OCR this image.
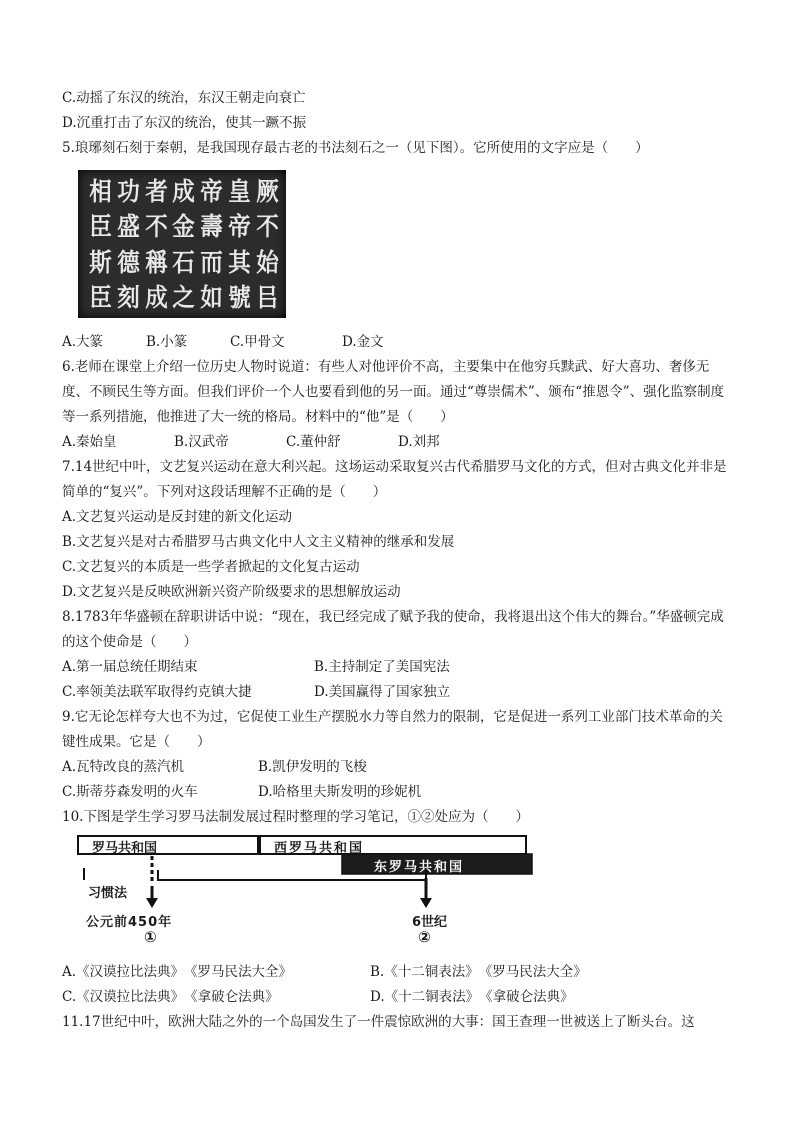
C.动摇了东汉的统治，东汉王朝走向衰亡
D.沉重打击了东汉的统治，使其一蹶不振
5.琅琊刻石刻于秦朝，是我国现存最古老的书法刻石之一（见下图）。它所使用的文字应是（　　）
厥
不
始
㠯
皇
帝
其
號
帝
壽
而
如
成
金
石
之
者
不
稱
成
功
盛
德
刻
相
臣
斯
臣
A.大篆	B.小篆	C.甲骨文	D.金文
6.老师在课堂上介绍一位历史人物时说道：有些人对他评价不高，主要集中在他穷兵黩武、好大喜功、奢侈无度、不顾民生等方面。但我们评价一个人也要看到他的另一面。通过“尊崇儒术”、颁布“推恩令”、强化监察制度等一系列措施，他推进了大一统的格局。材料中的“他”是（　　）
A.秦始皇	B.汉武帝	C.董仲舒	D.刘邦
7.14世纪中叶，文艺复兴运动在意大利兴起。这场运动采取复兴古代希腊罗马文化的方式，但对古典文化并非是简单的“复兴”。下列对这段话理解不正确的是（　　）
A.文艺复兴运动是反封建的新文化运动
B.文艺复兴是对古希腊罗马古典文化中人文主义精神的继承和发展
C.文艺复兴的本质是一些学者掀起的文化复古运动
D.文艺复兴是反映欧洲新兴资产阶级要求的思想解放运动
8.1783年华盛顿在辞职讲话中说：“现在，我已经完成了赋予我的使命，我将退出这个伟大的舞台。”华盛顿完成的这个使命是（　　）
A.第一届总统任期结束	B.主持制定了美国宪法
C.率领美法联军取得约克镇大捷	D.美国赢得了国家独立
9.它无论怎样夸大也不为过，它促使工业生产摆脱水力等自然力的限制，它是促进一系列工业部门技术革命的关键性成果。它是（　　）
A.瓦特改良的蒸汽机	B.凯伊发明的飞梭
C.斯蒂芬森发明的火车	D.哈格里夫斯发明的珍妮机
10.下图是学生学习罗马法制发展过程时整理的学习笔记，①②处应为（　　）
罗马共和国	西罗马共和国
东罗马共和国
习惯法
公元前450年
①
6世纪
②
A.《汉谟拉比法典》　《罗马民法大全》	B.《十二铜表法》　《罗马民法大全》
C.《汉谟拉比法典》　《拿破仑法典》	D.《十二铜表法》　《拿破仑法典》
11.17世纪中叶，欧洲大陆之外的一个岛国发生了一件震惊欧洲的大事：国王查理一世被送上了断头台。这
